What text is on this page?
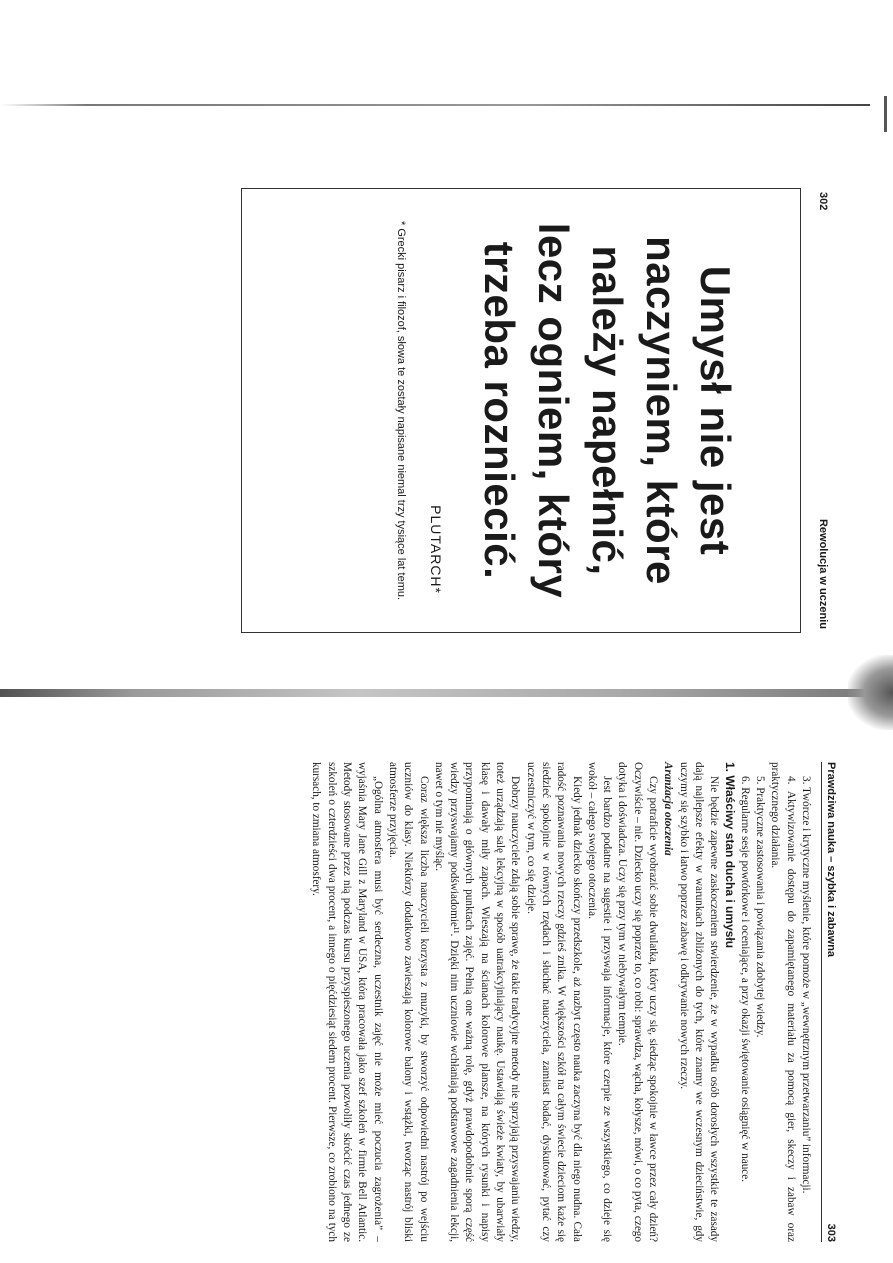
302
Rewolucja w uczeniu

Umysł nie jest naczyniem, które należy napełnić, lecz ogniem, który trzeba rozniecić.

PLUTARCH*

* Grecki pisarz i filozof, słowa te zostały napisane niemal trzy tysiące lat temu.

Prawdziwa nauka – szybka i zabawna
303

3. Twórcze i krytyczne myślenie, które pomoże w „wewnętrznym przetwarzaniu” informacji.

4. Aktywizowanie dostępu do zapamiętanego materiału za pomocą gier, skeczy i zabaw oraz praktycznego działania.

5. Praktyczne zastosowania i powiązania zdobytej wiedzy.

6. Regularne sesje powtórkowe i oceniające, a przy okazji świętowanie osiągnięć w nauce.

1. Właściwy stan ducha i umysłu

Nie będzie zapewne zaskoczeniem stwierdzenie, że w wypadku osób dorosłych wszystkie te zasady dają najlepsze efekty w warunkach zbliżonych do tych, które znamy we wczesnym dzieciństwie, gdy uczymy się szybko i łatwo poprzez zabawę i odkrywanie nowych rzeczy.

Aranżacja otoczenia

Czy potraficie wyobrazić sobie dwulatka, który uczy się, siedząc spokojnie w ławce przez cały dzień? Oczywiście – nie. Dziecko uczy się poprzez to, co robi: sprawdza, wącha, kołysze, mówi, o co pyta, czego dotyka i doświadcza. Uczy się przy tym w niebywałym tempie.

Jest bardzo podatne na sugestie i przyswaja informacje, które czerpie ze wszystkiego, co dzieje się wokół – całego swojego otoczenia.

Kiedy jednak dziecko skończy przedszkole, aż nazbyt często nauka zaczyna być dla niego nudna. Cała radość poznawania nowych rzeczy gdzieś znika. W większości szkół na całym świecie dzieciom każe się siedzieć spokojnie w równych rzędach i słuchać nauczyciela, zamiast badać, dyskutować, pytać czy uczestniczyć w tym, co się dzieje.

Dobrzy nauczyciele zdają sobie sprawę, że takie tradycyjne metody nie sprzyjają przyswajaniu wiedzy, toteż urządzają salę lekcyjną w sposób uatrakcyjniający naukę. Ustawiają świeże kwiaty, by ubarwiały klasę i dawały miły zapach. Wieszają na ścianach kolorowe plansze, na których rysunki i napisy przypominają o głównych punktach zajęć. Pełnią one ważną rolę, gdyż prawdopodobnie sporą część wiedzy przyswajamy podświadomie¹¹. Dzięki nim uczniowie wchłaniają podstawowe zagadnienia lekcji, nawet o tym nie myśląc.

Coraz większa liczba nauczycieli korzysta z muzyki, by stworzyć odpowiedni nastrój po wejściu uczniów do klasy. Niektórzy dodatkowo zawieszają kolorowe balony i wstążki, tworząc nastrój bliski atmosferze przyjęcia.

„Ogólna atmosfera musi być serdeczna, uczestnik zajęć nie może mieć poczucia zagrożenia” – wyjaśnia Mary Jane Gill z Maryland w USA, która pracowała jako szef szkoleń w firmie Bell Atlantic. Metody stosowane przez nią podczas kursu przyspieszonego uczenia pozwoliły skrócić czas jednego ze szkoleń o czterdzieści dwa procent, a innego o pięćdziesiąt siedem procent. Pierwsze, co zrobiono na tych kursach, to zmiana atmosfery.
